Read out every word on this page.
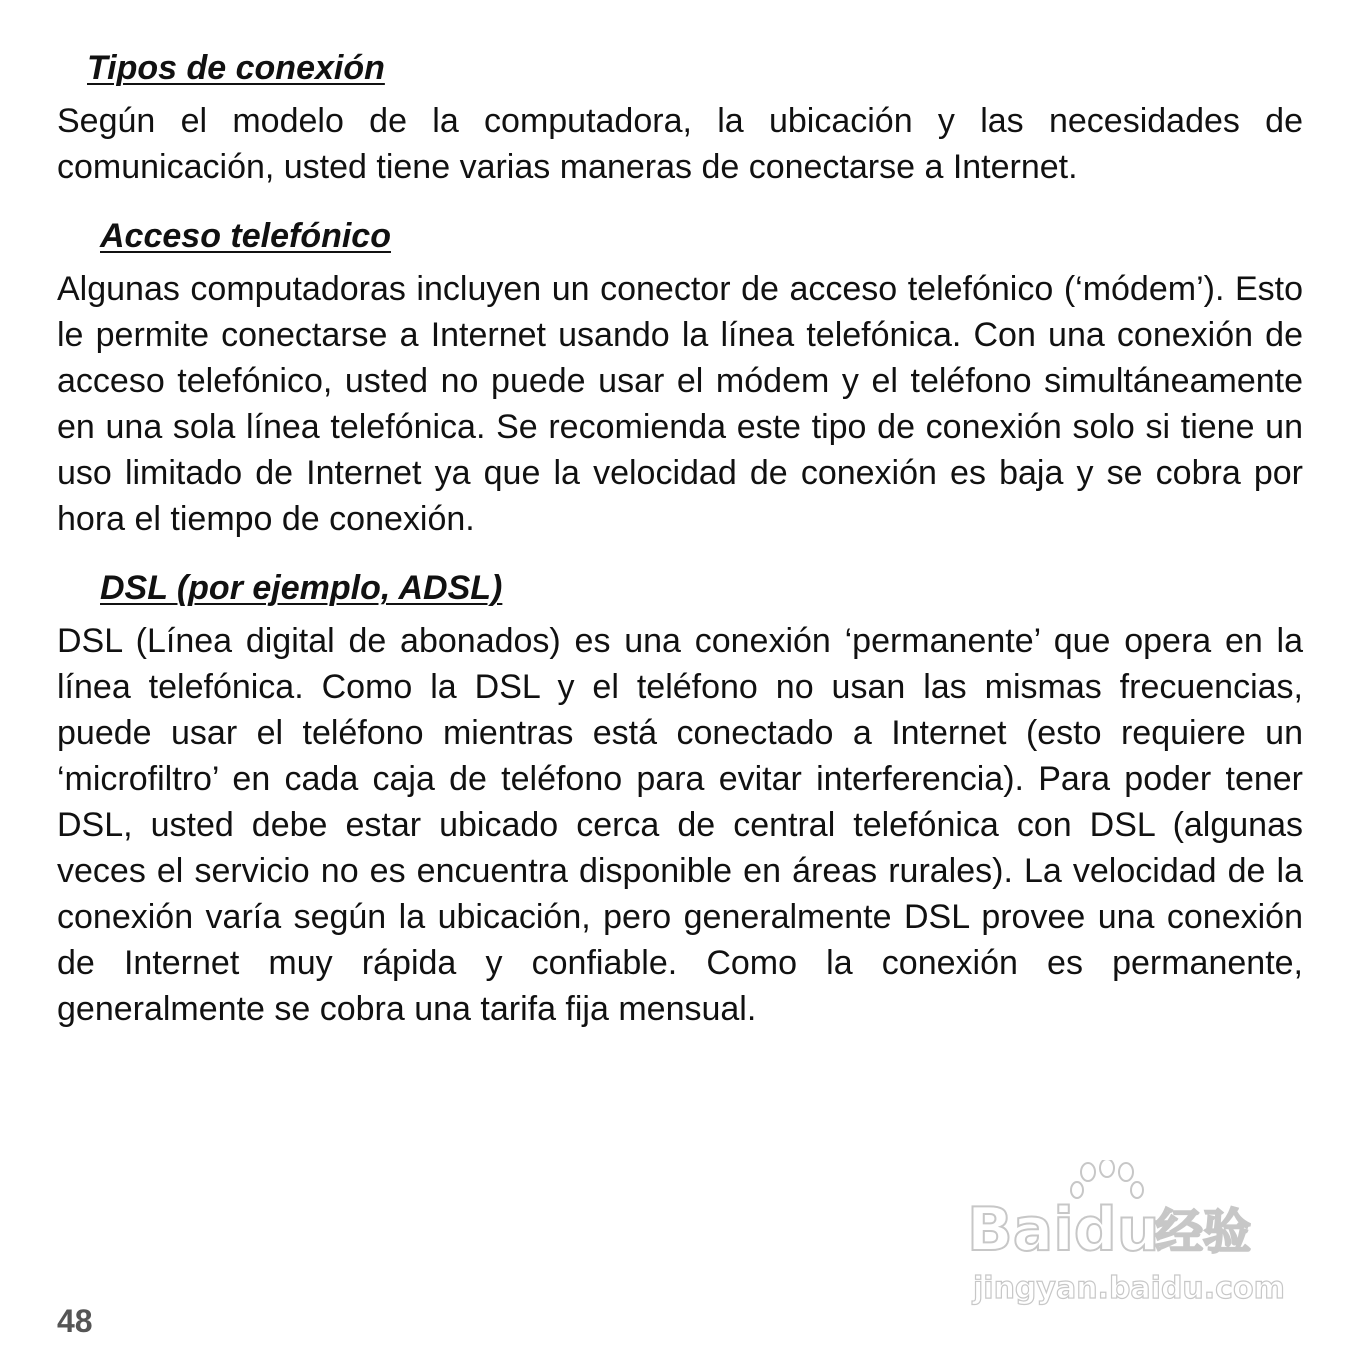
Tipos de conexión

Según el modelo de la computadora, la ubicación y las necesidades de comunicación, usted tiene varias maneras de conectarse a Internet.

Acceso telefónico

Algunas computadoras incluyen un conector de acceso telefónico (‘módem’). Esto le permite conectarse a Internet usando la línea telefónica. Con una conexión de acceso telefónico, usted no puede usar el módem y el teléfono simultáneamente en una sola línea telefónica. Se recomienda este tipo de conexión solo si tiene un uso limitado de Internet ya que la velocidad de conexión es baja y se cobra por hora el tiempo de conexión.

DSL (por ejemplo, ADSL)

DSL (Línea digital de abonados) es una conexión ‘permanente’ que opera en la línea telefónica. Como la DSL y el teléfono no usan las mismas frecuencias, puede usar el teléfono mientras está conectado a Internet (esto requiere un ‘microfiltro’ en cada caja de teléfono para evitar interferencia). Para poder tener DSL, usted debe estar ubicado cerca de central telefónica con DSL (algunas veces el servicio no es encuentra disponible en áreas rurales). La velocidad de la conexión varía según la ubicación, pero generalmente DSL provee una conexión de Internet muy rápida y confiable. Como la conexión es permanente, generalmente se cobra una tarifa fija mensual.

48
Baidu
经验
jingyan.baidu.com
